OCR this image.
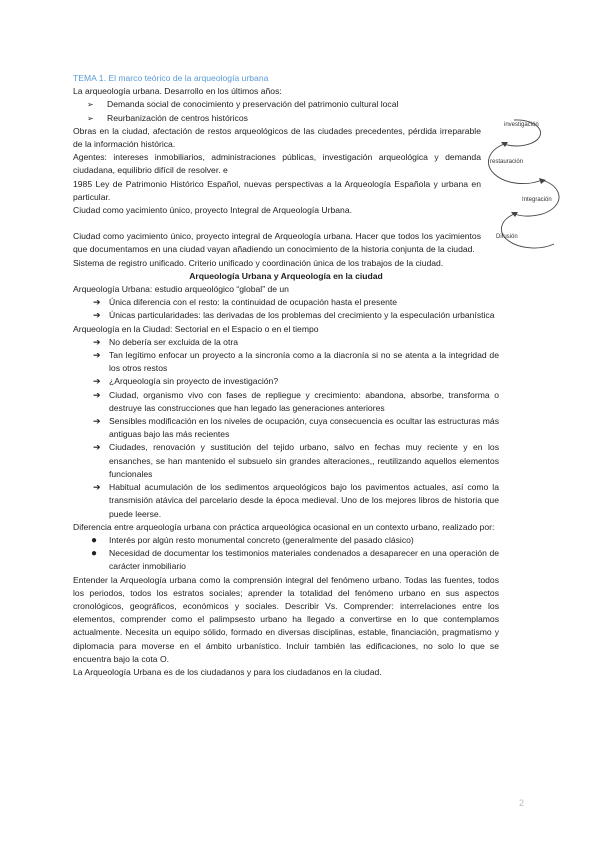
TEMA 1. El marco teórico de la arqueología urbana

La arqueología urbana. Desarrollo en los últimos años:

➢ Demanda social de conocimiento y preservación del patrimonio cultural local
➢ Reurbanización de centros históricos

Obras en la ciudad, afectación de restos arqueológicos de las ciudades precedentes, pérdida irreparable de la información histórica.

Agentes: intereses inmobiliarios, administraciones públicas, investigación arqueológica y demanda ciudadana, equilibrio difícil de resolver. e

1985 Ley de Patrimonio Histórico Español, nuevas perspectivas a la Arqueología Española y urbana en particular.

Ciudad como yacimiento único, proyecto Integral de Arqueología Urbana.

Ciudad como yacimiento único, proyecto integral de Arqueología urbana. Hacer que todos los yacimientos que documentamos en una ciudad vayan añadiendo un conocimiento de la historia conjunta de la ciudad.

Sistema de registro unificado. Criterio unificado y coordinación única de los trabajos de la ciudad.

Arqueología Urbana y Arqueología en la ciudad

Arqueología Urbana: estudio arqueológico “global” de un

➔ Única diferencia con el resto: la continuidad de ocupación hasta el presente
➔ Únicas particularidades: las derivadas de los problemas del crecimiento y la especulación urbanística

Arqueología en la Ciudad: Sectorial en el Espacio o en el tiempo

➔ No debería ser excluida de la otra
➔ Tan legítimo enfocar un proyecto a la sincronía como a la diacronía si no se atenta a la integridad de los otros restos
➔ ¿Arqueología sin proyecto de investigación?
➔ Ciudad, organismo vivo con fases de repliegue y crecimiento: abandona, absorbe, transforma o destruye las construcciones que han legado las generaciones anteriores
➔ Sensibles modificación en los niveles de ocupación, cuya consecuencia es ocultar las estructuras más antiguas bajo las más recientes
➔ Ciudades, renovación y sustitución del tejido urbano, salvo en fechas muy reciente y en los ensanches, se han mantenido el subsuelo sin grandes alteraciones,, reutilizando aquellos elementos funcionales
➔ Habitual acumulación de los sedimentos arqueológicos bajo los pavimentos actuales, así como la transmisión atávica del parcelario desde la época medieval. Uno de los mejores libros de historia que puede leerse.

Diferencia entre arqueología urbana con práctica arqueológica ocasional en un contexto urbano, realizado por:

● Interés por algún resto monumental concreto (generalmente del pasado clásico)
● Necesidad de documentar los testimonios materiales condenados a desaparecer en una operación de carácter inmobiliario

Entender la Arqueología urbana como la comprensión integral del fenómeno urbano. Todas las fuentes, todos los periodos, todos los estratos sociales; aprender la totalidad del fenómeno urbano en sus aspectos cronológicos, geográficos, económicos y sociales. Describir Vs. Comprender: interrelaciones entre los elementos, comprender como el palimpsesto urbano ha llegado a convertirse en lo que contemplamos actualmente. Necesita un equipo sólido, formado en diversas disciplinas, estable, financiación, pragmatismo y diplomacia para moverse en el ámbito urbanístico. Incluir también las edificaciones, no solo lo que se encuentra bajo la cota O.

La Arqueología Urbana es de los ciudadanos y para los ciudadanos en la ciudad.

investigación
restauración
Integración
Difusión
2
